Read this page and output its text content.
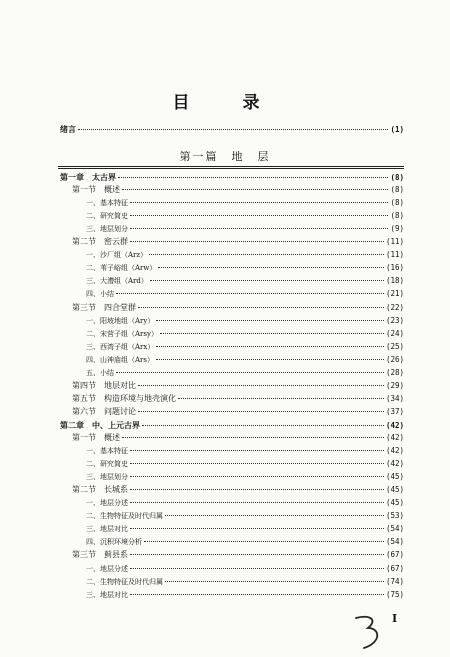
目　录
绪言	(1)
第一篇　地　层
第一章　太古界	(8)
第一节　概述	(8)
一、基本特征	(8)
二、研究简史	(8)
三、地层划分	(9)
第二节　密云群	(11)
一、沙厂组（Arz）	(11)
二、苇子峪组（Arw）	(16)
三、大漕组（Ard）	(18)
四、小结	(21)
第三节　四合堂群	(22)
一、阳坡地组（Ary）	(23)
二、宋营子组（Arsy）	(24)
三、西湾子组（Arx）	(25)
四、山神庙组（Ars）	(26)
五、小结	(28)
第四节　地层对比	(29)
第五节　构造环境与地壳演化	(34)
第六节　问题讨论	(37)
第二章　中、上元古界	(42)
第一节　概述	(42)
一、基本特征	(42)
二、研究简史	(42)
三、地层划分	(45)
第二节　长城系	(45)
一、地层分述	(45)
二、生物特征及时代归属	(53)
三、地层对比	(54)
四、沉积环境分析	(54)
第三节　蓟县系	(67)
一、地层分述	(67)
二、生物特征及时代归属	(74)
三、地层对比	(75)
I
